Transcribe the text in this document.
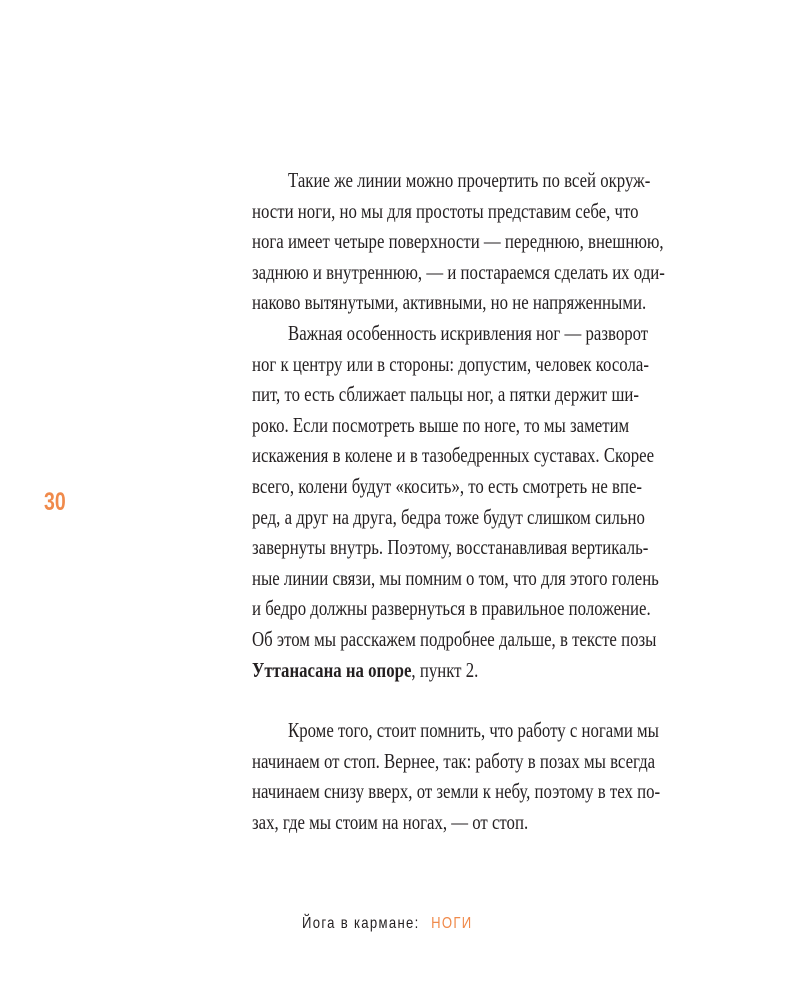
30
Такие же линии можно прочертить по всей окруж-
ности ноги, но мы для простоты представим себе, что
нога имеет четыре поверхности — переднюю, внешнюю,
заднюю и внутреннюю, — и постараемся сделать их оди-
наково вытянутыми, активными, но не напряженными.
Важная особенность искривления ног — разворот
ног к центру или в стороны: допустим, человек косола-
пит, то есть сближает пальцы ног, а пятки держит ши-
роко. Если посмотреть выше по ноге, то мы заметим
искажения в колене и в тазобедренных суставах. Скорее
всего, колени будут «косить», то есть смотреть не впе-
ред, а друг на друга, бедра тоже будут слишком сильно
завернуты внутрь. Поэтому, восстанавливая вертикаль-
ные линии связи, мы помним о том, что для этого голень
и бедро должны развернуться в правильное положение.
Об этом мы расскажем подробнее дальше, в тексте позы
Уттанасана на опоре, пункт 2.
Кроме того, стоит помнить, что работу с ногами мы
начинаем от стоп. Вернее, так: работу в позах мы всегда
начинаем снизу вверх, от земли к небу, поэтому в тех по-
зах, где мы стоим на ногах, — от стоп.
Йога в кармане: НОГИ
